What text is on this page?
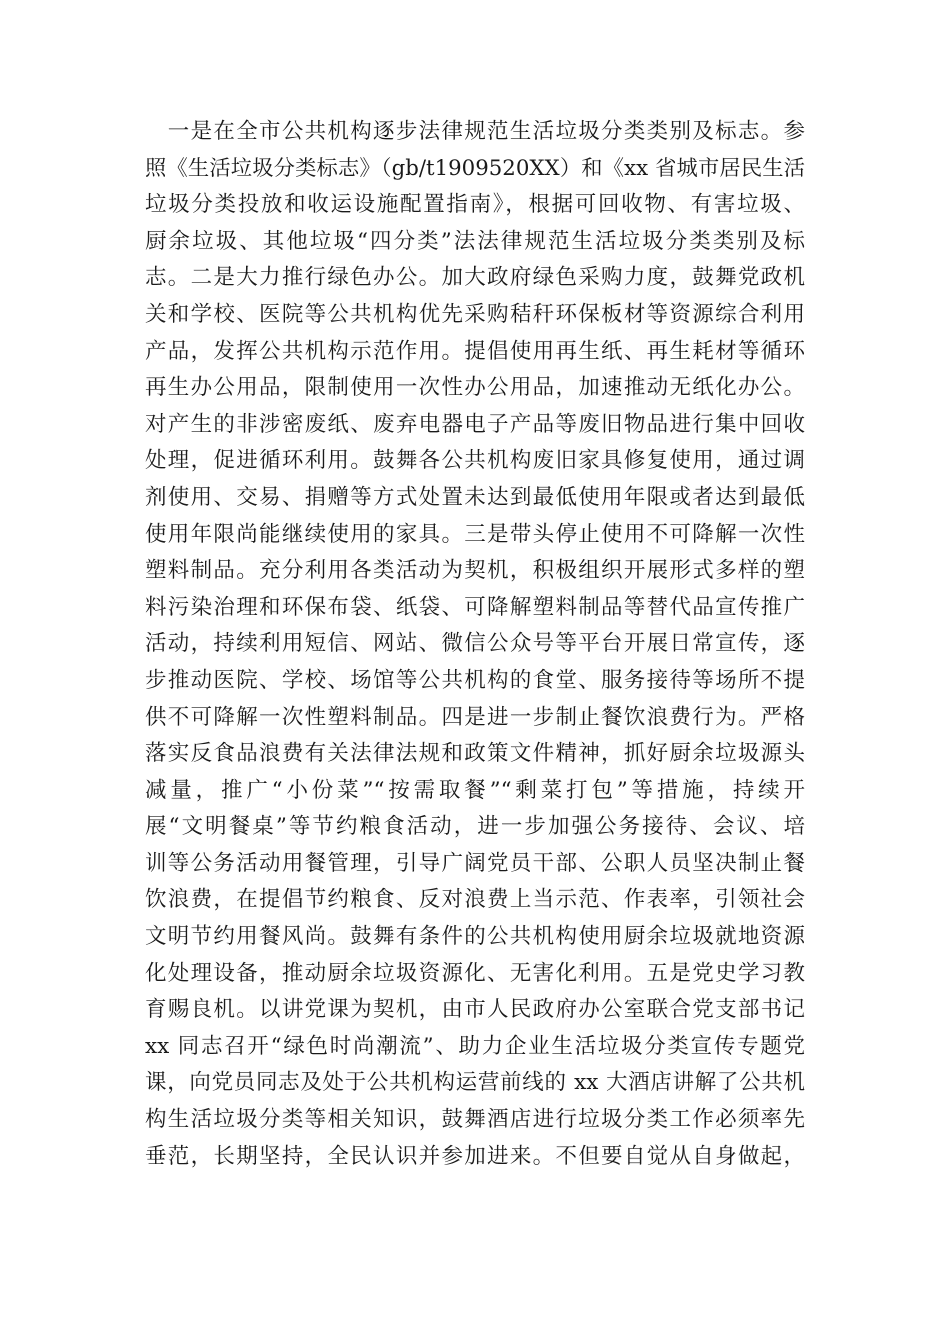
　一是在全市公共机构逐步法律规范生活垃圾分类类别及标志。参
照《生活垃圾分类标志》（gb/t1909520XX）和《xx 省城市居民生活
垃圾分类投放和收运设施配置指南》，根据可回收物、有害垃圾、
厨余垃圾、其他垃圾“四分类”法法律规范生活垃圾分类类别及标
志。二是大力推行绿色办公。加大政府绿色采购力度，鼓舞党政机
关和学校、医院等公共机构优先采购秸秆环保板材等资源综合利用
产品，发挥公共机构示范作用。提倡使用再生纸、再生耗材等循环
再生办公用品，限制使用一次性办公用品，加速推动无纸化办公。
对产生的非涉密废纸、废弃电器电子产品等废旧物品进行集中回收
处理，促进循环利用。鼓舞各公共机构废旧家具修复使用，通过调
剂使用、交易、捐赠等方式处置未达到最低使用年限或者达到最低
使用年限尚能继续使用的家具。三是带头停止使用不可降解一次性
塑料制品。充分利用各类活动为契机，积极组织开展形式多样的塑
料污染治理和环保布袋、纸袋、可降解塑料制品等替代品宣传推广
活动，持续利用短信、网站、微信公众号等平台开展日常宣传，逐
步推动医院、学校、场馆等公共机构的食堂、服务接待等场所不提
供不可降解一次性塑料制品。四是进一步制止餐饮浪费行为。严格
落实反食品浪费有关法律法规和政策文件精神，抓好厨余垃圾源头
减量，推广“小份菜”“按需取餐”“剩菜打包”等措施，持续开
展“文明餐桌”等节约粮食活动，进一步加强公务接待、会议、培
训等公务活动用餐管理，引导广阔党员干部、公职人员坚决制止餐
饮浪费，在提倡节约粮食、反对浪费上当示范、作表率，引领社会
文明节约用餐风尚。鼓舞有条件的公共机构使用厨余垃圾就地资源
化处理设备，推动厨余垃圾资源化、无害化利用。五是党史学习教
育赐良机。以讲党课为契机，由市人民政府办公室联合党支部书记
xx 同志召开“绿色时尚潮流”、助力企业生活垃圾分类宣传专题党
课，向党员同志及处于公共机构运营前线的 xx 大酒店讲解了公共机
构生活垃圾分类等相关知识，鼓舞酒店进行垃圾分类工作必须率先
垂范，长期坚持，全民认识并参加进来。不但要自觉从自身做起，
